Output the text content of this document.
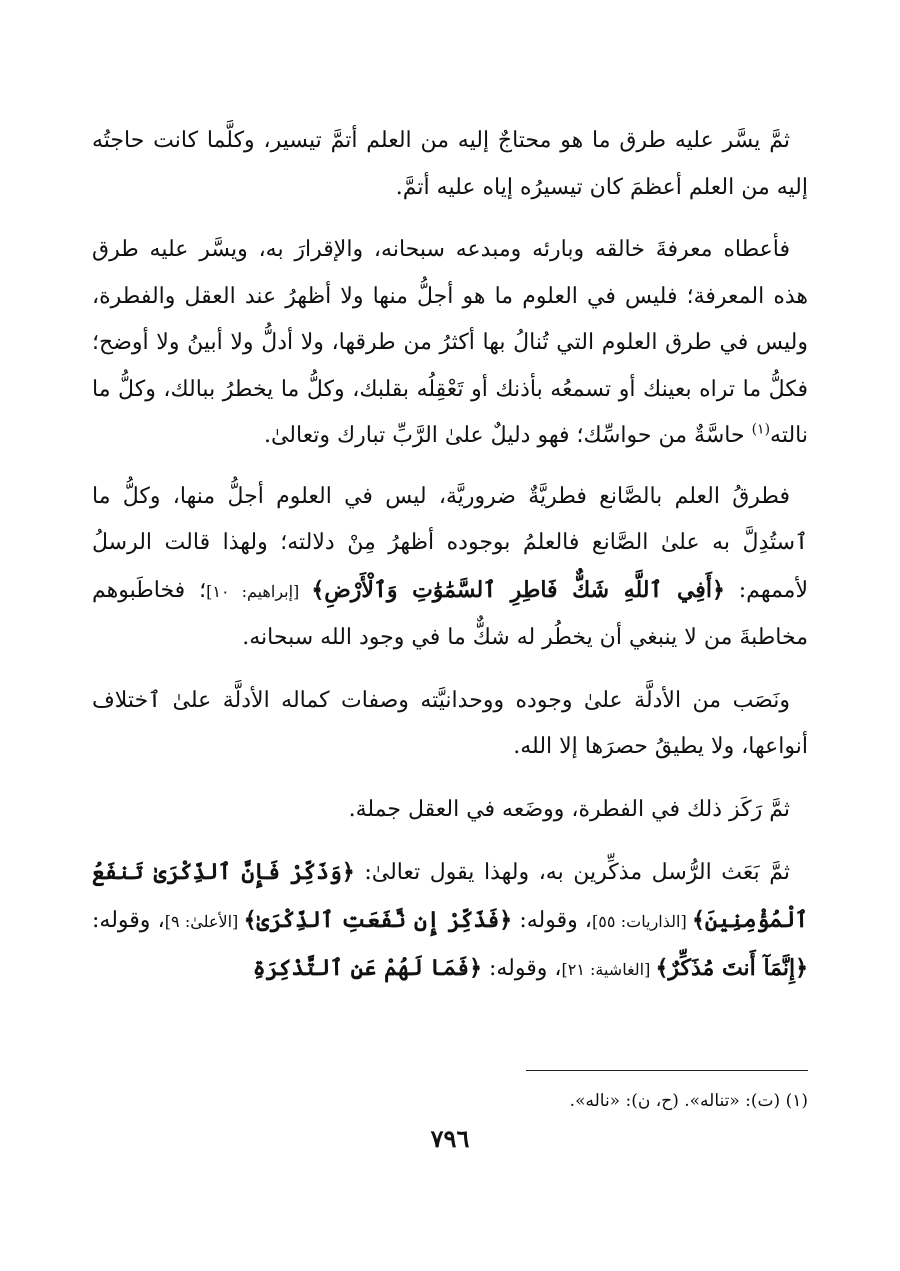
ثمَّ يسَّر عليه طرق ما هو محتاجٌ إليه من العلم أتمَّ تيسير، وكلَّما كانت حاجتُه إليه من العلم أعظمَ كان تيسيرُه إياه عليه أتمَّ.

فأعطاه معرفةَ خالقه وبارئه ومبدعه سبحانه، والإقرارَ به، ويسَّر عليه طرق هذه المعرفة؛ فليس في العلوم ما هو أجلُّ منها ولا أظهرُ عند العقل والفطرة، وليس في طرق العلوم التي تُنالُ بها أكثرُ من طرقها، ولا أدلُّ ولا أبينُ ولا أوضح؛ فكلُّ ما تراه بعينك أو تسمعُه بأذنك أو تَعْقِلُه بقلبك، وكلُّ ما يخطرُ ببالك، وكلُّ ما نالته$^{(١)}$ حاسَّةٌ من حواسِّك؛ فهو دليلٌ علىٰ الرَّبِّ تبارك وتعالىٰ.

فطرقُ العلم بالصَّانع فطريَّةٌ ضروريَّة، ليس في العلوم أجلُّ منها، وكلُّ ما ٱستُدِلَّ به علىٰ الصَّانع فالعلمُ بوجوده أظهرُ مِنْ دلالته؛ ولهذا قالت الرسلُ لأممهم: ﴿أَفِي ٱللَّهِ شَكٌّ فَاطِرِ ٱلسَّمَٰوَٰتِ وَٱلْأَرْضِ﴾ [إبراهيم: ١٠]؛ فخاطَبوهم مخاطبةَ من لا ينبغي أن يخطُر له شكٌّ ما في وجود الله سبحانه.

ونَصَب من الأدلَّة علىٰ وجوده ووحدانيَّته وصفات كماله الأدلَّة علىٰ ٱختلاف أنواعها، ولا يطيقُ حصرَها إلا الله.

ثمَّ رَكَز ذلك في الفطرة، ووضَعه في العقل جملة.

ثمَّ بَعَث الرُّسل مذكِّرين به، ولهذا يقول تعالىٰ: ﴿وَذَكِّرْ فَإِنَّ ٱلذِّكْرَىٰ تَنفَعُ ٱلْمُؤْمِنِينَ﴾ [الذاريات: ٥٥]، وقوله: ﴿فَذَكِّرْ إِن نَّفَعَتِ ٱلذِّكْرَىٰ﴾ [الأعلىٰ: ٩]، وقوله: ﴿إِنَّمَآ أَنتَ مُذَكِّرٌ﴾ [الغاشية: ٢١]، وقوله: ﴿فَمَا لَهُمْ عَنِ ٱلتَّذْكِرَةِ

(١) (ت): «تناله». (ح، ن): «ناله».
٧٩٦
